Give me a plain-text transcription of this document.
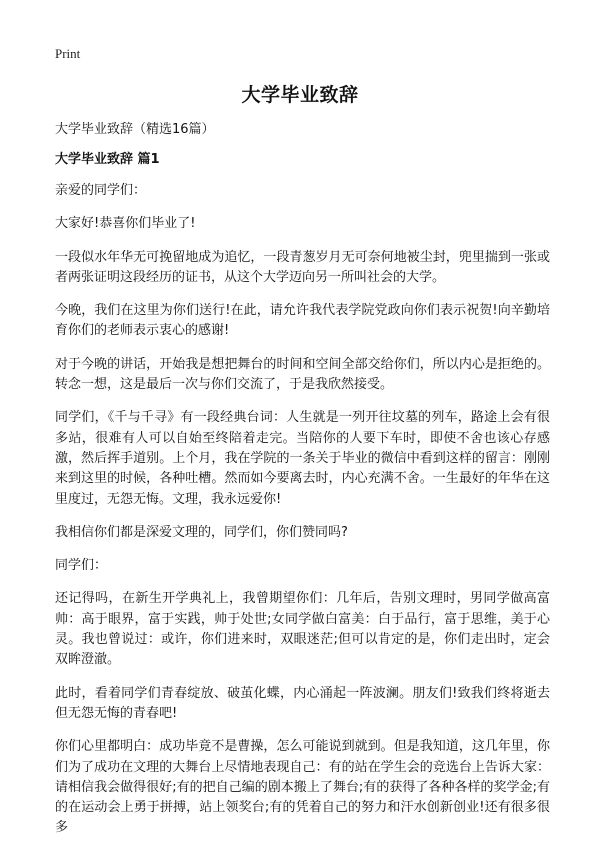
Print
大学毕业致辞

大学毕业致辞（精选16篇）

大学毕业致辞 篇1

亲爱的同学们：

大家好!恭喜你们毕业了!

一段似水年华无可挽留地成为追忆，一段青葱岁月无可奈何地被尘封，兜里揣到一张或者两张证明这段经历的证书，从这个大学迈向另一所叫社会的大学。

今晚，我们在这里为你们送行!在此，请允许我代表学院党政向你们表示祝贺!向辛勤培育你们的老师表示衷心的感谢!

对于今晚的讲话，开始我是想把舞台的时间和空间全部交给你们，所以内心是拒绝的。转念一想，这是最后一次与你们交流了，于是我欣然接受。

同学们，《千与千寻》有一段经典台词：人生就是一列开往坟墓的列车，路途上会有很多站，很难有人可以自始至终陪着走完。当陪你的人要下车时，即使不舍也该心存感激，然后挥手道别。上个月，我在学院的一条关于毕业的微信中看到这样的留言：刚刚来到这里的时候，各种吐槽。然而如今要离去时，内心充满不舍。一生最好的年华在这里度过，无怨无悔。文理，我永远爱你!

我相信你们都是深爱文理的，同学们，你们赞同吗?

同学们：

还记得吗，在新生开学典礼上，我曾期望你们：几年后，告别文理时，男同学做高富帅：高于眼界，富于实践，帅于处世;女同学做白富美：白于品行，富于思维，美于心灵。我也曾说过：或许，你们进来时，双眼迷茫;但可以肯定的是，你们走出时，定会双眸澄澈。

此时，看着同学们青春绽放、破茧化蝶，内心涌起一阵波澜。朋友们!致我们终将逝去但无怨无悔的青春吧!

你们心里都明白：成功毕竟不是曹操，怎么可能说到就到。但是我知道，这几年里，你们为了成功在文理的大舞台上尽情地表现自己：有的站在学生会的竞选台上告诉大家：请相信我会做得很好;有的把自己编的剧本搬上了舞台;有的获得了各种各样的奖学金;有的在运动会上勇于拼搏，站上领奖台;有的凭着自己的努力和汗水创新创业!还有很多很多
